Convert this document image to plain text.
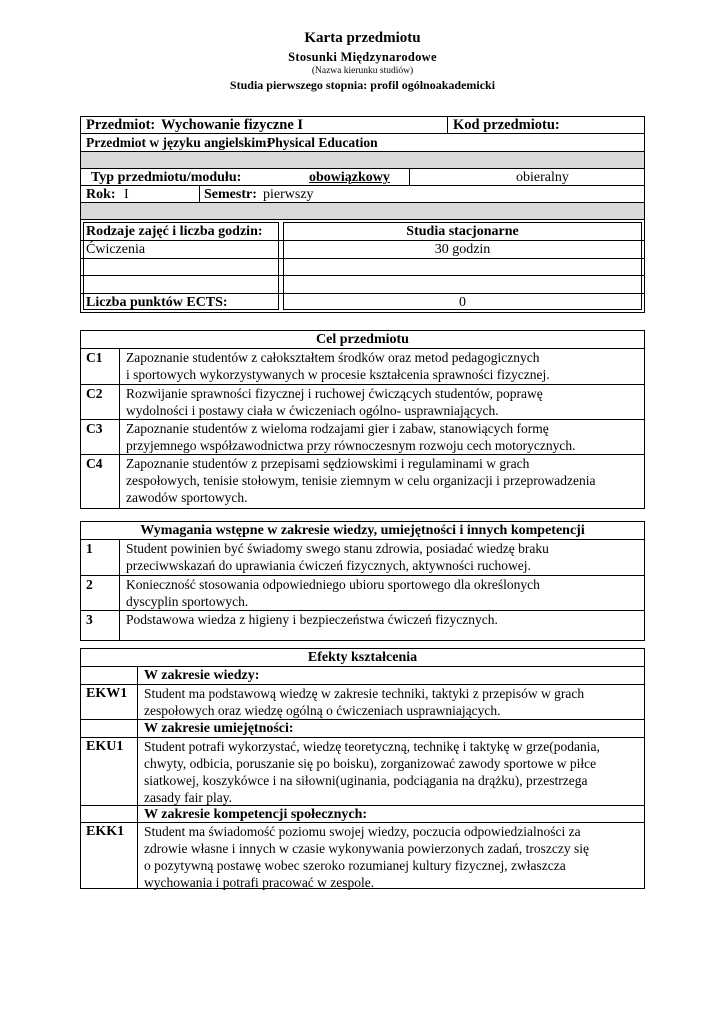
Karta przedmiotu
Stosunki Międzynarodowe
(Nazwa kierunku studiów)
Studia pierwszego stopnia: profil ogólnoakademicki
Przedmiot: Wychowanie fizyczne I	Kod przedmiotu:
Przedmiot w języku angielskim:
Physical Education
Typ przedmiotu/modułu:	obowiązkowy	obieralny
Rok: I	Semestr: pierwszy
Rodzaje zajęć i liczba godzin:	Studia stacjonarne
Ćwiczenia	30 godzin
Liczba punktów ECTS:	0
Cel przedmiotu
C1 Zapoznanie studentów z całokształtem środków oraz metod pedagogicznych
i sportowych wykorzystywanych w procesie kształcenia sprawności fizycznej.
C2 Rozwijanie sprawności fizycznej i ruchowej ćwiczących studentów, poprawę
wydolności i postawy ciała w ćwiczeniach ogólno- usprawniających.
C3 Zapoznanie studentów z wieloma rodzajami gier i zabaw, stanowiących formę
przyjemnego współzawodnictwa przy równoczesnym rozwoju cech motorycznych.
C4 Zapoznanie studentów z przepisami sędziowskimi i regulaminami w grach
zespołowych, tenisie stołowym, tenisie ziemnym w celu organizacji i przeprowadzenia
zawodów sportowych.
Wymagania wstępne w zakresie wiedzy, umiejętności i innych kompetencji
1 Student powinien być świadomy swego stanu zdrowia, posiadać wiedzę braku
przeciwwskazań do uprawiania ćwiczeń fizycznych, aktywności ruchowej.
2 Konieczność stosowania odpowiedniego ubioru sportowego dla określonych
dyscyplin sportowych.
3 Podstawowa wiedza z higieny i bezpieczeństwa ćwiczeń fizycznych.
Efekty kształcenia
W zakresie wiedzy:
EKW1 Student ma podstawową wiedzę w zakresie techniki, taktyki z przepisów w grach
zespołowych oraz wiedzę ogólną o ćwiczeniach usprawniających.
W zakresie umiejętności:
EKU1 Student potrafi wykorzystać, wiedzę teoretyczną, technikę i taktykę w grze(podania,
chwyty, odbicia, poruszanie się po boisku), zorganizować zawody sportowe w piłce
siatkowej, koszykówce i na siłowni(uginania, podciągania na drążku), przestrzega
zasady fair play.
W zakresie kompetencji społecznych:
EKK1 Student ma świadomość poziomu swojej wiedzy, poczucia odpowiedzialności za
zdrowie własne i innych w czasie wykonywania powierzonych zadań, troszczy się
o pozytywną postawę wobec szeroko rozumianej kultury fizycznej, zwłaszcza
wychowania i potrafi pracować w zespole.
